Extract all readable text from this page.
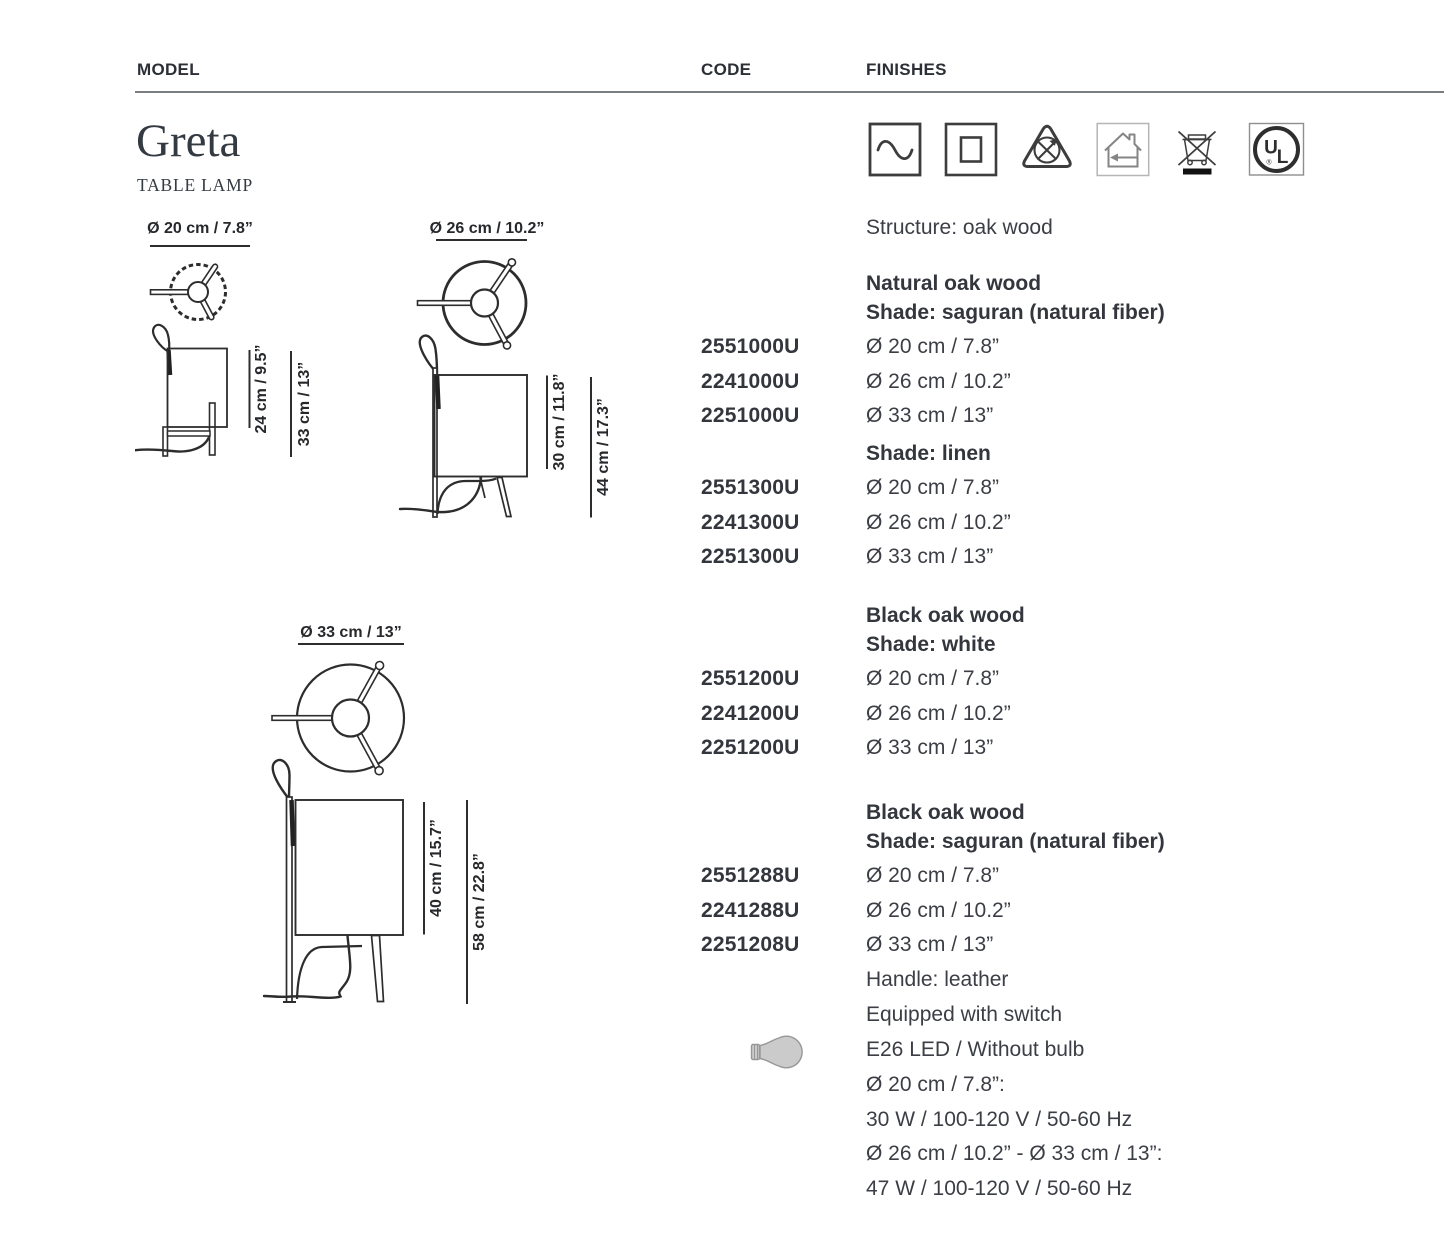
MODEL	CODE	FINISHES
Greta
TABLE LAMP
U
L
®
Ø 20 cm / 7.8”
24 cm / 9.5” 33 cm / 13”
Ø 26 cm / 10.2”
30 cm / 11.8” 44 cm / 17.3”
Ø 33 cm / 13”
40 cm / 15.7” 58 cm / 22.8”
Structure: oak wood
Natural oak wood
Shade: saguran (natural fiber)
2551000U	Ø 20 cm / 7.8”
2241000U	Ø 26 cm / 10.2”
2251000U	Ø 33 cm / 13”
Shade: linen
2551300U	Ø 20 cm / 7.8”
2241300U	Ø 26 cm / 10.2”
2251300U	Ø 33 cm / 13”
Black oak wood
Shade: white
2551200U	Ø 20 cm / 7.8”
2241200U	Ø 26 cm / 10.2”
2251200U	Ø 33 cm / 13”
Black oak wood
Shade: saguran (natural fiber)
2551288U	Ø 20 cm / 7.8”
2241288U	Ø 26 cm / 10.2”
2251208U	Ø 33 cm / 13”
Handle: leather
Equipped with switch
E26 LED / Without bulb
Ø 20 cm / 7.8”:
30 W / 100-120 V / 50-60 Hz
Ø 26 cm / 10.2” - Ø 33 cm / 13”:
47 W / 100-120 V / 50-60 Hz
